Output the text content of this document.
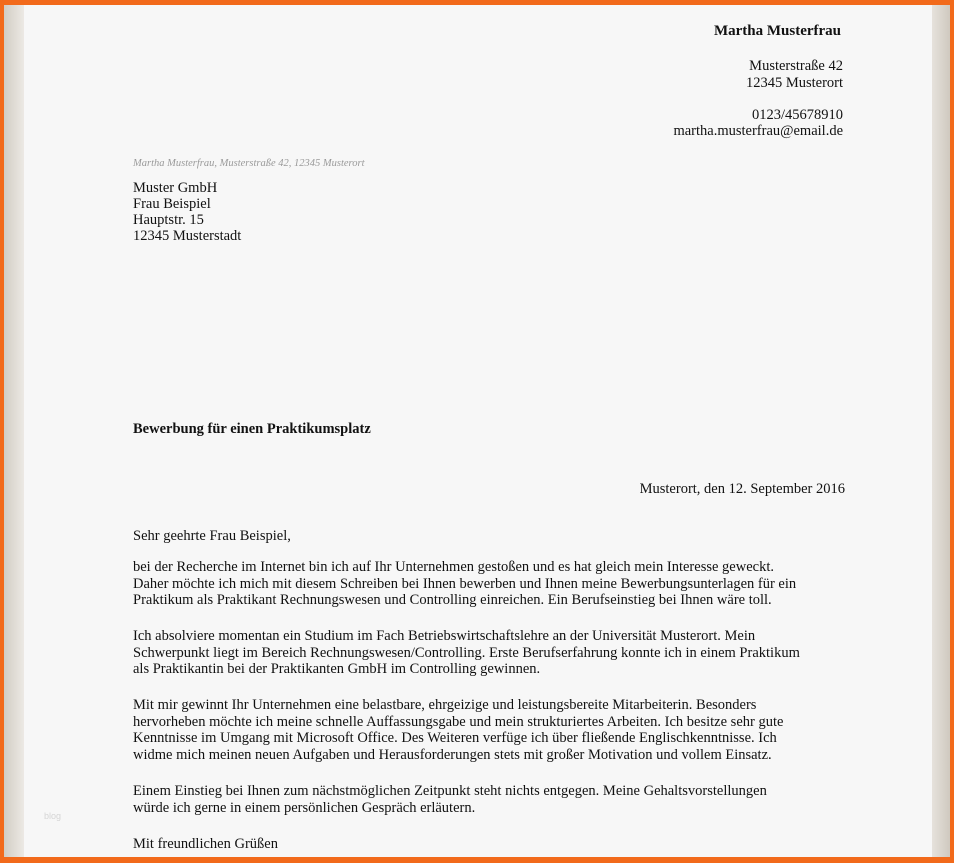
Martha Musterfrau
Musterstraße 42
12345 Musterort
0123/45678910
martha.musterfrau@email.de
Martha Musterfrau, Musterstraße 42, 12345 Musterort
Muster GmbH
Frau Beispiel
Hauptstr. 15
12345 Musterstadt
Bewerbung für einen Praktikumsplatz
Musterort, den 12. September 2016
Sehr geehrte Frau Beispiel,
bei der Recherche im Internet bin ich auf Ihr Unternehmen gestoßen und es hat gleich mein Interesse geweckt.
Daher möchte ich mich mit diesem Schreiben bei Ihnen bewerben und Ihnen meine Bewerbungsunterlagen für ein
Praktikum als Praktikant Rechnungswesen und Controlling einreichen. Ein Berufseinstieg bei Ihnen wäre toll.
Ich absolviere momentan ein Studium im Fach Betriebswirtschaftslehre an der Universität Musterort. Mein
Schwerpunkt liegt im Bereich Rechnungswesen/Controlling. Erste Berufserfahrung konnte ich in einem Praktikum
als Praktikantin bei der Praktikanten GmbH im Controlling gewinnen.
Mit mir gewinnt Ihr Unternehmen eine belastbare, ehrgeizige und leistungsbereite Mitarbeiterin. Besonders
hervorheben möchte ich meine schnelle Auffassungsgabe und mein strukturiertes Arbeiten. Ich besitze sehr gute
Kenntnisse im Umgang mit Microsoft Office. Des Weiteren verfüge ich über fließende Englischkenntnisse. Ich
widme mich meinen neuen Aufgaben und Herausforderungen stets mit großer Motivation und vollem Einsatz.
Einem Einstieg bei Ihnen zum nächstmöglichen Zeitpunkt steht nichts entgegen. Meine Gehaltsvorstellungen
würde ich gerne in einem persönlichen Gespräch erläutern.
Mit freundlichen Grüßen
blog
